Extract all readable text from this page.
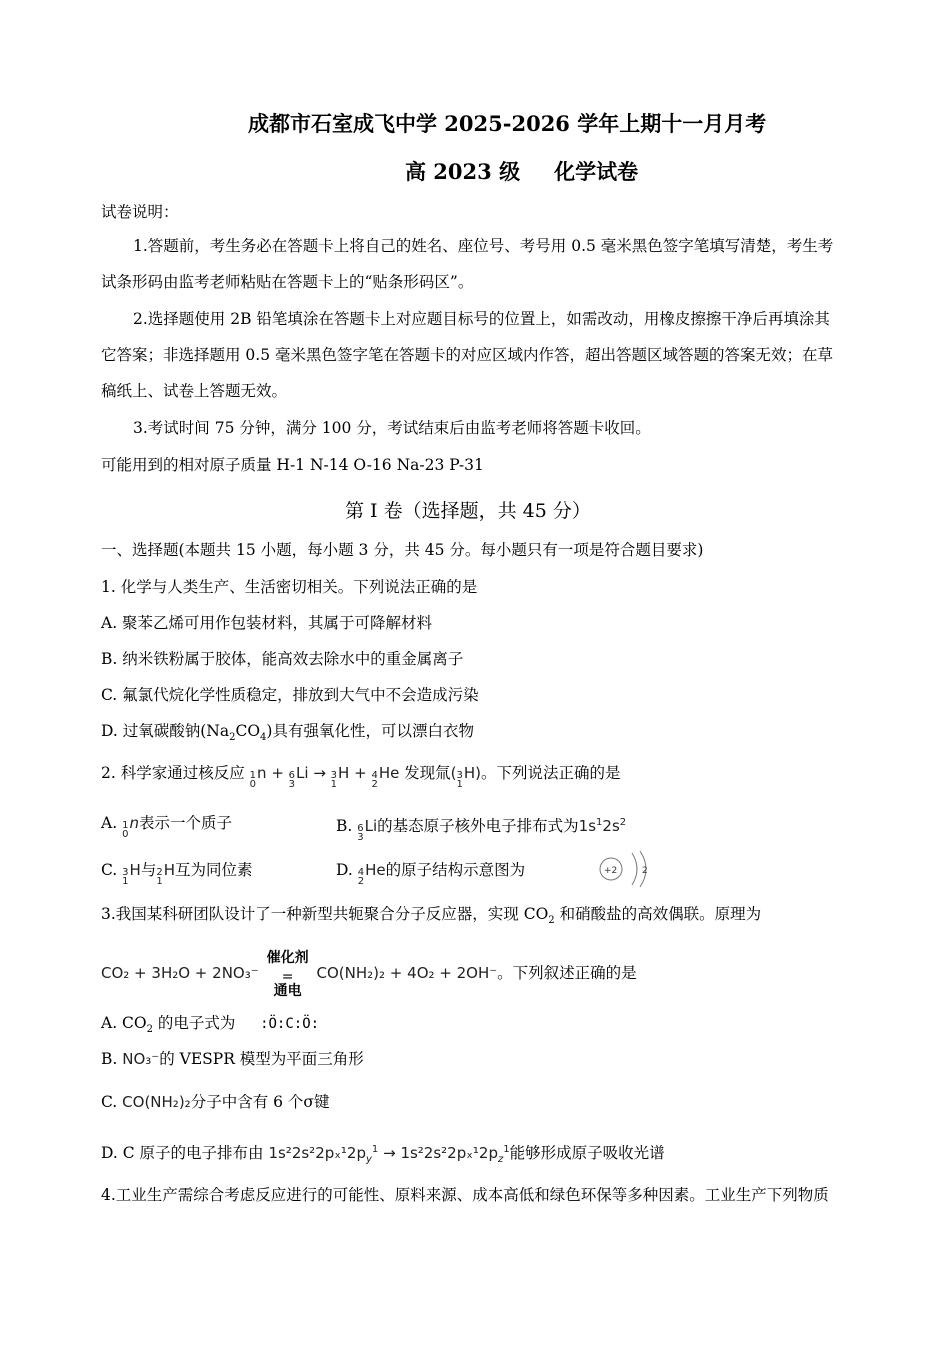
成都市石室成飞中学 2025-2026 学年上期十一月月考
高 2023 级 化学试卷
试卷说明：
1.答题前，考生务必在答题卡上将自己的姓名、座位号、考号用 0.5 毫米黑色签字笔填写清楚，考生考
试条形码由监考老师粘贴在答题卡上的“贴条形码区”。
2.选择题使用 2B 铅笔填涂在答题卡上对应题目标号的位置上，如需改动，用橡皮擦擦干净后再填涂其
它答案；非选择题用 0.5 毫米黑色签字笔在答题卡的对应区域内作答，超出答题区域答题的答案无效；在草
稿纸上、试卷上答题无效。
3.考试时间 75 分钟，满分 100 分，考试结束后由监考老师将答题卡收回。
可能用到的相对原子质量 H-1 N-14 O-16 Na-23 P-31
第 I 卷（选择题，共 45 分）
一、选择题(本题共 15 小题，每小题 3 分，共 45 分。每小题只有一项是符合题目要求)
1. 化学与人类生产、生活密切相关。下列说法正确的是
A. 聚苯乙烯可用作包装材料，其属于可降解材料
B. 纳米铁粉属于胶体，能高效去除水中的重金属离子
C. 氟氯代烷化学性质稳定，排放到大气中不会造成污染
D. 过氧碳酸钠$(Na_2CO_4)$具有强氧化性，可以漂白衣物
2. 科学家通过核反应 1
0
n + 6
3
Li → 3
1
H + 4
2
He 发现氚( 3
1
H)。下列说法正确的是
A. 1
0
n 表示一个质子	B. 6
3
Li的基态原子核外电子排布式为$1s^12s^2$
C. 3
1
H与 2
1
H互为同位素	D. 4
2
He的原子结构示意图为	+2	2
3.我国某科研团队设计了一种新型共轭聚合分子反应器，实现 $CO_2$ 和硝酸盐的高效偶联。原理为
CO₂ + 3H₂O + 2NO₃⁻
催化剂
=
通电
CO(NH₂)₂ + 4O₂ + 2OH⁻。下列叙述正确的是
A. $CO_2$ 的电子式为 :Ö:C:Ö:
B. NO₃⁻的 VESPR 模型为平面三角形
C. CO(NH₂)₂分子中含有 6 个σ键
D. C 原子的电子排布由 $1s^22s^22p_x^12p_y^1 \to 1s^22s^22p_x^12p_z^1$能够形成原子吸收光谱
4.工业生产需综合考虑反应进行的可能性、原料来源、成本高低和绿色环保等多种因素。工业生产下列物质
